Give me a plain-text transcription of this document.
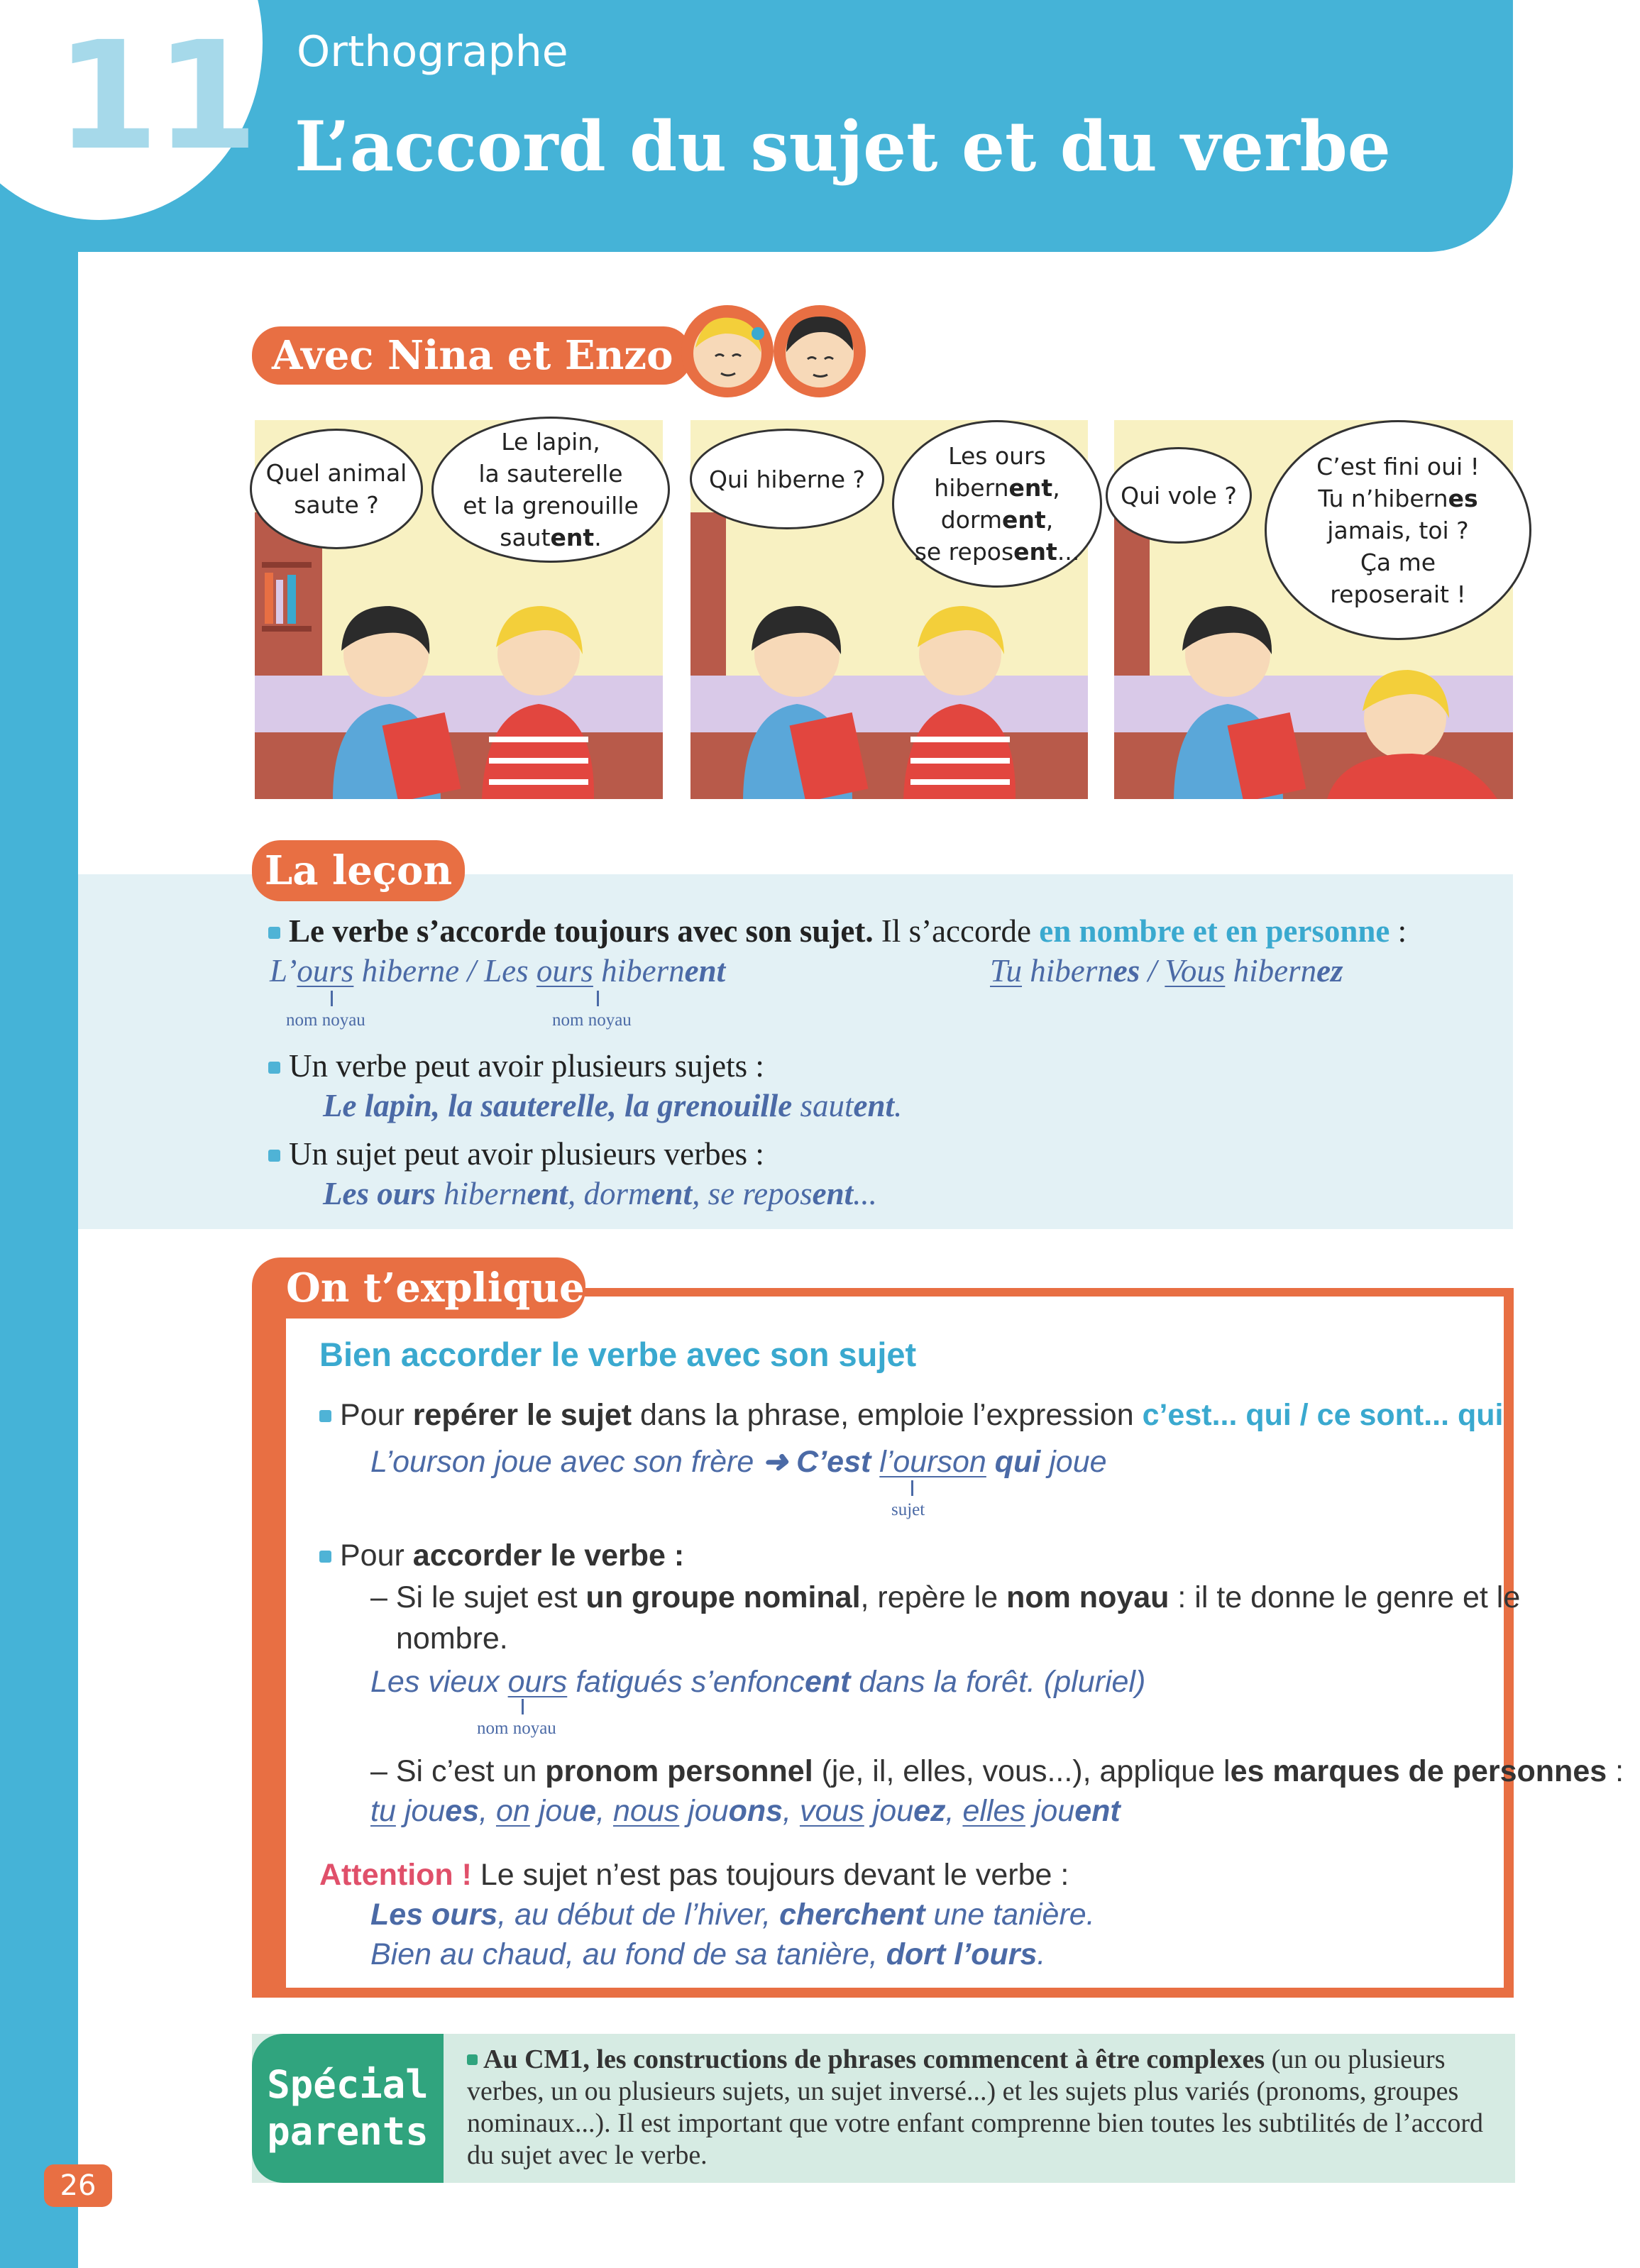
11 Orthographe
L’accord du sujet et du verbe
Avec Nina et Enzo
Quel animal
saute ?
Le lapin,
la sauterelle
et la grenouille
sautent.
Qui hiberne ?
Les ours
hibernent,
dorment,
se reposent...
Qui vole ?
C’est fini oui !
Tu n’hibernes
jamais, toi ?
Ça me
reposerait !
La leçon
Le verbe s’accorde toujours avec son sujet. Il s’accorde en nombre et en personne :
L’ours hiberne / Les ours hibernent	Tu hibernes / Vous hibernez
nom noyau	nom noyau
Un verbe peut avoir plusieurs sujets :
Le lapin, la sauterelle, la grenouille sautent.
Un sujet peut avoir plusieurs verbes :
Les ours hibernent, dorment, se reposent...
On t’explique
Bien accorder le verbe avec son sujet
Pour repérer le sujet dans la phrase, emploie l’expression c’est... qui / ce sont... qui
L’ourson joue avec son frère ➜ C’est l’ourson qui joue
sujet
Pour accorder le verbe :
– Si le sujet est un groupe nominal, repère le nom noyau : il te donne le genre et le
nombre.
Les vieux ours fatigués s’enfoncent dans la forêt. (pluriel)
nom noyau
– Si c’est un pronom personnel (je, il, elles, vous...), applique les marques de personnes :
tu joues, on joue, nous jouons, vous jouez, elles jouent
Attention ! Le sujet n’est pas toujours devant le verbe :
Les ours, au début de l’hiver, cherchent une tanière.
Bien au chaud, au fond de sa tanière, dort l’ours.
Spécial
parents
Au CM1, les constructions de phrases commencent à être complexes (un ou plusieurs verbes, un ou plusieurs sujets, un sujet inversé...) et les sujets plus variés (pronoms, groupes nominaux...). Il est important que votre enfant comprenne bien toutes les subtilités de l’accord du sujet avec le verbe.
26
